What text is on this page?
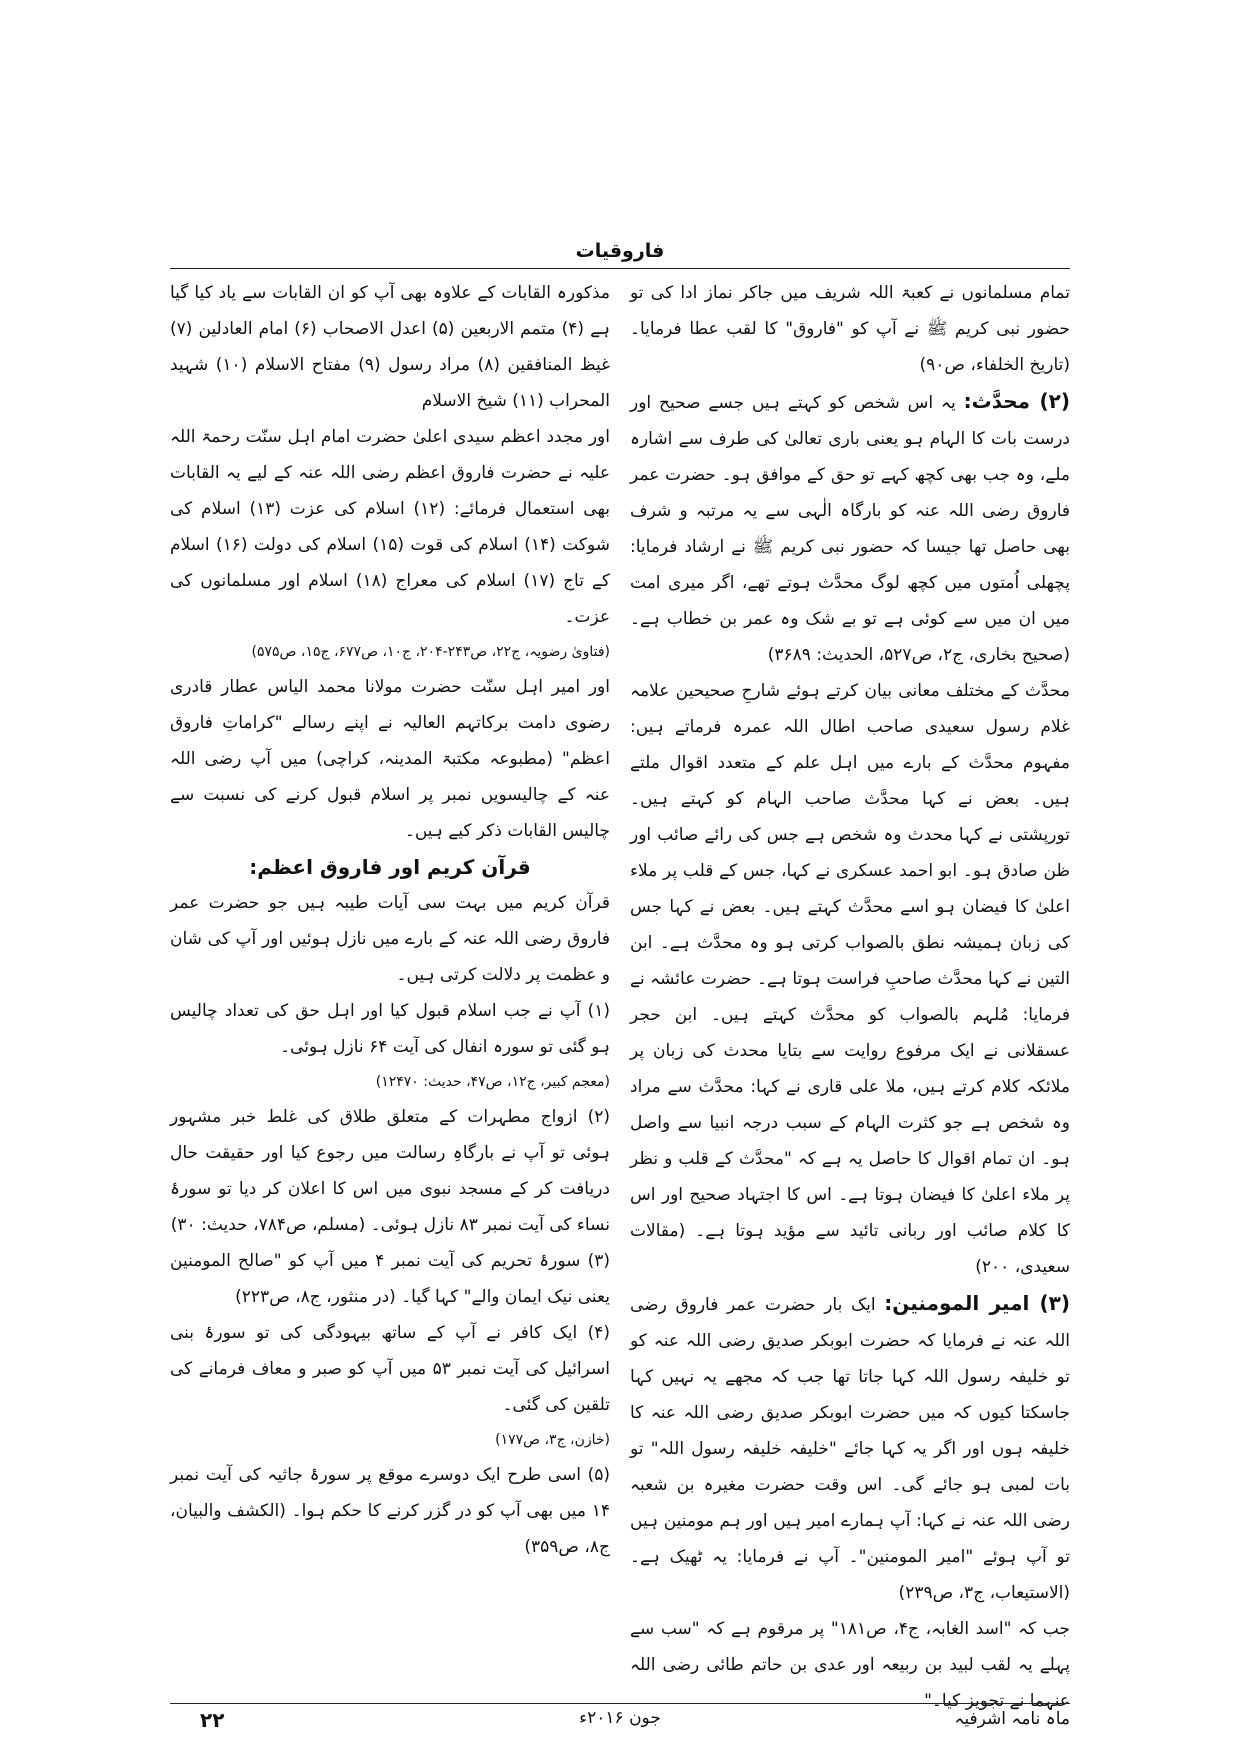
فاروقیات

تمام مسلمانوں نے کعبۃ اللہ شریف میں جاکر نماز ادا کی تو حضور نبی کریم ﷺ نے آپ کو "فاروق" کا لقب عطا فرمایا۔ (تاریخ الخلفاء، ص۹۰)

(۲) محدَّث: یہ اس شخص کو کہتے ہیں جسے صحیح اور درست بات کا الہام ہو یعنی باری تعالیٰ کی طرف سے اشارہ ملے، وہ جب بھی کچھ کہے تو حق کے موافق ہو۔ حضرت عمر فاروق رضی اللہ عنہ کو بارگاہ الٰہی سے یہ مرتبہ و شرف بھی حاصل تھا جیسا کہ حضور نبی کریم ﷺ نے ارشاد فرمایا: پچھلی اُمتوں میں کچھ لوگ محدَّث ہوتے تھے، اگر میری امت میں ان میں سے کوئی ہے تو بے شک وہ عمر بن خطاب ہے۔ (صحیح بخاری، ج۲، ص۵۲۷، الحدیث: ۳۶۸۹)

محدَّث کے مختلف معانی بیان کرتے ہوئے شارحِ صحیحین علامہ غلام رسول سعیدی صاحب اطال اللہ عمرہ فرماتے ہیں: مفہوم محدَّث کے بارے میں اہل علم کے متعدد اقوال ملتے ہیں۔ بعض نے کہا محدَّث صاحب الہام کو کہتے ہیں۔ تورپشتی نے کہا محدث وہ شخص ہے جس کی رائے صائب اور ظن صادق ہو۔ ابو احمد عسکری نے کہا، جس کے قلب پر ملاء اعلیٰ کا فیضان ہو اسے محدَّث کہتے ہیں۔ بعض نے کہا جس کی زبان ہمیشہ نطق بالصواب کرتی ہو وہ محدَّث ہے۔ ابن التین نے کہا محدَّث صاحبِ فراست ہوتا ہے۔ حضرت عائشہ نے فرمایا: مُلہم بالصواب کو محدَّث کہتے ہیں۔ ابن حجر عسقلانی نے ایک مرفوع روایت سے بتایا محدث کی زبان پر ملائکہ کلام کرتے ہیں، ملا علی قاری نے کہا: محدَّث سے مراد وہ شخص ہے جو کثرت الہام کے سبب درجہ انبیا سے واصل ہو۔ ان تمام اقوال کا حاصل یہ ہے کہ "محدَّث کے قلب و نظر پر ملاء اعلیٰ کا فیضان ہوتا ہے۔ اس کا اجتہاد صحیح اور اس کا کلام صائب اور ربانی تائید سے مؤید ہوتا ہے۔ (مقالات سعیدی، ۲۰۰)

(۳) امیر المومنین: ایک بار حضرت عمر فاروق رضی اللہ عنہ نے فرمایا کہ حضرت ابوبکر صدیق رضی اللہ عنہ کو تو خلیفہ رسول اللہ کہا جاتا تھا جب کہ مجھے یہ نہیں کہا جاسکتا کیوں کہ میں حضرت ابوبکر صدیق رضی اللہ عنہ کا خلیفہ ہوں اور اگر یہ کہا جائے "خلیفہ خلیفہ رسول اللہ" تو بات لمبی ہو جائے گی۔ اس وقت حضرت مغیرہ بن شعبہ رضی اللہ عنہ نے کہا: آپ ہمارے امیر ہیں اور ہم مومنین ہیں تو آپ ہوئے "امیر المومنین"۔ آپ نے فرمایا: یہ ٹھیک ہے۔ (الاستیعاب، ج۳، ص۲۳۹)

جب کہ "اسد الغابہ، ج۴، ص۱۸۱" پر مرقوم ہے کہ "سب سے پہلے یہ لقب لبید بن ربیعہ اور عدی بن حاتم طائی رضی اللہ عنہما نے تجویز کیا۔"

مذکورہ القابات کے علاوہ بھی آپ کو ان القابات سے یاد کیا گیا ہے (۴) متمم الاربعین (۵) اعدل الاصحاب (۶) امام العادلین (۷) غیظ المنافقین (۸) مراد رسول (۹) مفتاح الاسلام (۱۰) شہید المحراب (۱۱) شیخ الاسلام

اور مجدد اعظم سیدی اعلیٰ حضرت امام اہل سنّت رحمۃ اللہ علیہ نے حضرت فاروق اعظم رضی اللہ عنہ کے لیے یہ القابات بھی استعمال فرمائے: (۱۲) اسلام کی عزت (۱۳) اسلام کی شوکت (۱۴) اسلام کی قوت (۱۵) اسلام کی دولت (۱۶) اسلام کے تاج (۱۷) اسلام کی معراج (۱۸) اسلام اور مسلمانوں کی عزت۔

(فتاویٰ رضویہ، ج۲۲، ص۲۴۳-۲۰۴، ج۱۰، ص۶۷۷، ج۱۵، ص۵۷۵)

اور امیر اہل سنّت حضرت مولانا محمد الیاس عطار قادری رضوی دامت برکاتہم العالیہ نے اپنے رسالے "کراماتِ فاروق اعظم" (مطبوعہ مکتبۃ المدینہ، کراچی) میں آپ رضی اللہ عنہ کے چالیسویں نمبر پر اسلام قبول کرنے کی نسبت سے چالیس القابات ذکر کیے ہیں۔

قرآن کریم اور فاروق اعظم:

قرآن کریم میں بہت سی آیات طیبہ ہیں جو حضرت عمر فاروق رضی اللہ عنہ کے بارے میں نازل ہوئیں اور آپ کی شان و عظمت پر دلالت کرتی ہیں۔

(۱) آپ نے جب اسلام قبول کیا اور اہل حق کی تعداد چالیس ہو گئی تو سورہ انفال کی آیت ۶۴ نازل ہوئی۔

(معجم کبیر، ج۱۲، ص۴۷، حدیث: ۱۲۴۷۰)

(۲) ازواج مطہرات کے متعلق طلاق کی غلط خبر مشہور ہوئی تو آپ نے بارگاہِ رسالت میں رجوع کیا اور حقیقت حال دریافت کر کے مسجد نبوی میں اس کا اعلان کر دیا تو سورۂ نساء کی آیت نمبر ۸۳ نازل ہوئی۔ (مسلم، ص۷۸۴، حدیث: ۳۰)

(۳) سورۂ تحریم کی آیت نمبر ۴ میں آپ کو "صالح المومنین یعنی نیک ایمان والے" کہا گیا۔ (در منثور، ج۸، ص۲۲۳)

(۴) ایک کافر نے آپ کے ساتھ بیہودگی کی تو سورۂ بنی اسرائیل کی آیت نمبر ۵۳ میں آپ کو صبر و معاف فرمانے کی تلقین کی گئی۔

(خازن، ج۳، ص۱۷۷)

(۵) اسی طرح ایک دوسرے موقع پر سورۂ جاثیہ کی آیت نمبر ۱۴ میں بھی آپ کو در گزر کرنے کا حکم ہوا۔ (الکشف والبیان، ج۸، ص۳۵۹)

ماہ نامہ اشرفیہ
جون ۲۰۱۶ء
۲۲
